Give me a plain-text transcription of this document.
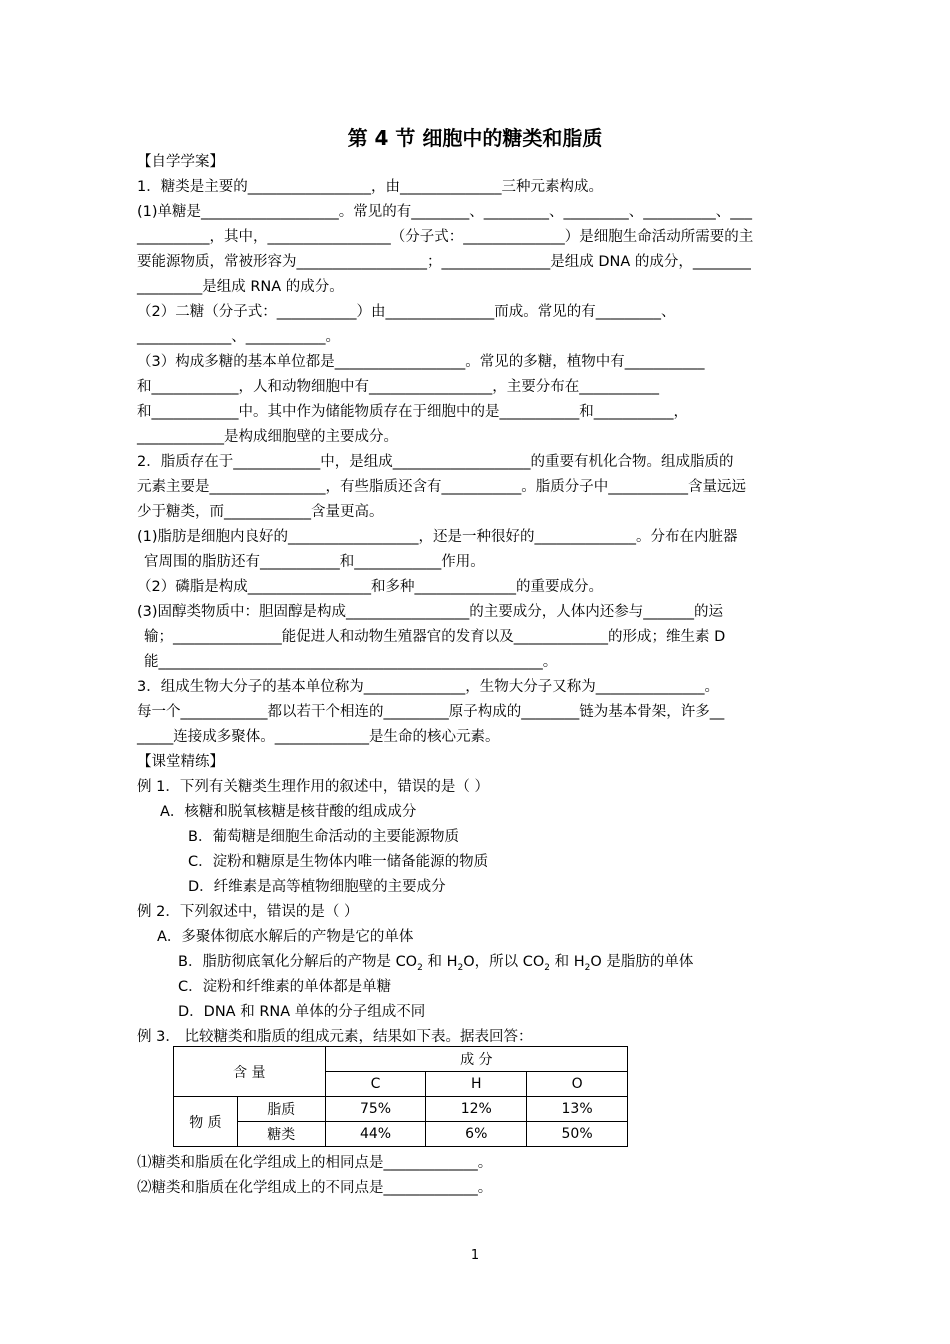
第 4 节 细胞中的糖类和脂质
【自学学案】
1．糖类是主要的_________________，由______________三种元素构成。
(1)单糖是___________________。常见的有________、_________、_________、__________、___
__________，其中，_________________（分子式：______________）是细胞生命活动所需要的主
要能源物质，常被形容为__________________；_______________是组成 DNA 的成分，________
_________是组成 RNA 的成分。
（2）二糖（分子式：___________）由_______________而成。常见的有_________、
_____________、___________。
（3）构成多糖的基本单位都是__________________。常见的多糖，植物中有___________
和____________，人和动物细胞中有_________________，主要分布在___________
和____________中。其中作为储能物质存在于细胞中的是___________和___________，
____________是构成细胞壁的主要成分。
2．脂质存在于____________中，是组成___________________的重要有机化合物。组成脂质的
元素主要是________________，有些脂质还含有___________。脂质分子中___________含量远远
少于糖类，而____________含量更高。
(1)脂肪是细胞内良好的__________________，还是一种很好的______________。分布在内脏器
官周围的脂肪还有___________和____________作用。
（2）磷脂是构成_________________和多种______________的重要成分。
(3)固醇类物质中：胆固醇是构成_________________的主要成分，人体内还参与_______的运
输；_______________能促进人和动物生殖器官的发育以及_____________的形成；维生素 D
能_____________________________________________________。
3．组成生物大分子的基本单位称为______________，生物大分子又称为_______________。
每一个____________都以若干个相连的_________原子构成的________链为基本骨架，许多__
_____连接成多聚体。_____________是生命的核心元素。
【课堂精练】
例 1．下列有关糖类生理作用的叙述中，错误的是（ ）
A．核糖和脱氧核糖是核苷酸的组成成分
B．葡萄糖是细胞生命活动的主要能源物质
C．淀粉和糖原是生物体内唯一储备能源的物质
D．纤维素是高等植物细胞壁的主要成分
例 2．下列叙述中，错误的是（ ）
A．多聚体彻底水解后的产物是它的单体
B．脂肪彻底氧化分解后的产物是 $CO_2$ 和 $H_2O$，所以 $CO_2$ 和 $H_2O$ 是脂肪的单体
C．淀粉和纤维素的单体都是单糖
D．DNA 和 RNA 单体的分子组成不同
例 3． 比较糖类和脂质的组成元素，结果如下表。据表回答：
含 量		成 分		
		C	H	O
物 质	脂质	75%	12%	13%
	糖类	44%	6%	50%
⑴糖类和脂质在化学组成上的相同点是_____________。
⑵糖类和脂质在化学组成上的不同点是_____________。
1
